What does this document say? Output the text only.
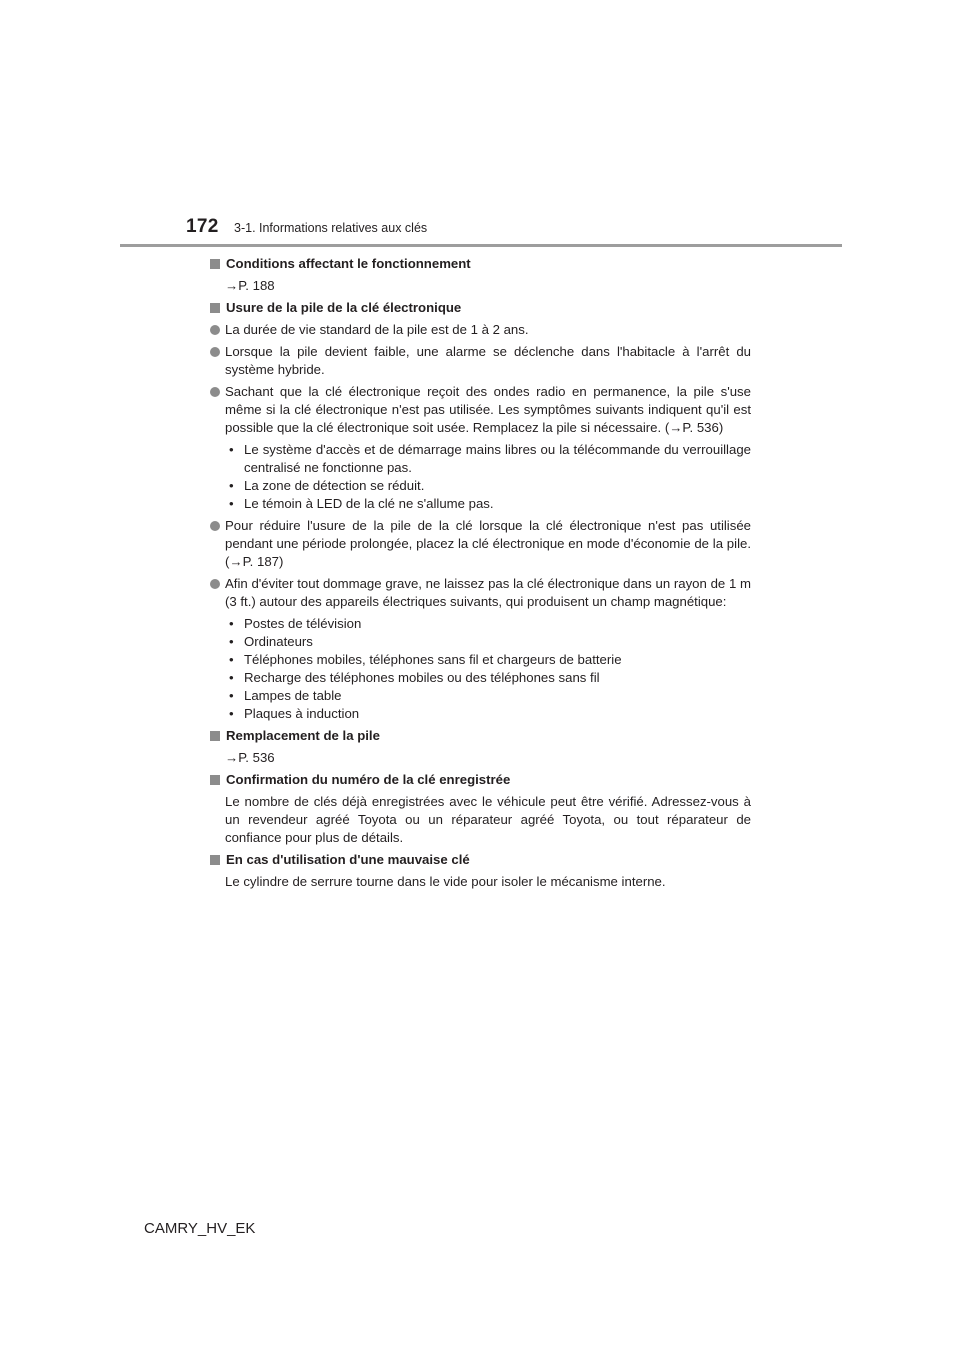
172 3-1. Informations relatives aux clés
Conditions affectant le fonctionnement
→P. 188
Usure de la pile de la clé électronique
La durée de vie standard de la pile est de 1 à 2 ans.
Lorsque la pile devient faible, une alarme se déclenche dans l'habitacle à l'arrêt du système hybride.
Sachant que la clé électronique reçoit des ondes radio en permanence, la pile s'use même si la clé électronique n'est pas utilisée. Les symptômes suivants indiquent qu'il est possible que la clé électronique soit usée. Remplacez la pile si nécessaire. (→P. 536)
• Le système d'accès et de démarrage mains libres ou la télécommande du verrouillage centralisé ne fonctionne pas.
• La zone de détection se réduit.
• Le témoin à LED de la clé ne s'allume pas.
Pour réduire l'usure de la pile de la clé lorsque la clé électronique n'est pas utilisée pendant une période prolongée, placez la clé électronique en mode d'économie de la pile. (→P. 187)
Afin d'éviter tout dommage grave, ne laissez pas la clé électronique dans un rayon de 1 m (3 ft.) autour des appareils électriques suivants, qui produisent un champ magnétique:
• Postes de télévision
• Ordinateurs
• Téléphones mobiles, téléphones sans fil et chargeurs de batterie
• Recharge des téléphones mobiles ou des téléphones sans fil
• Lampes de table
• Plaques à induction
Remplacement de la pile
→P. 536
Confirmation du numéro de la clé enregistrée
Le nombre de clés déjà enregistrées avec le véhicule peut être vérifié. Adressez-vous à un revendeur agréé Toyota ou un réparateur agréé Toyota, ou tout réparateur de confiance pour plus de détails.
En cas d'utilisation d'une mauvaise clé
Le cylindre de serrure tourne dans le vide pour isoler le mécanisme interne.
CAMRY_HV_EK
